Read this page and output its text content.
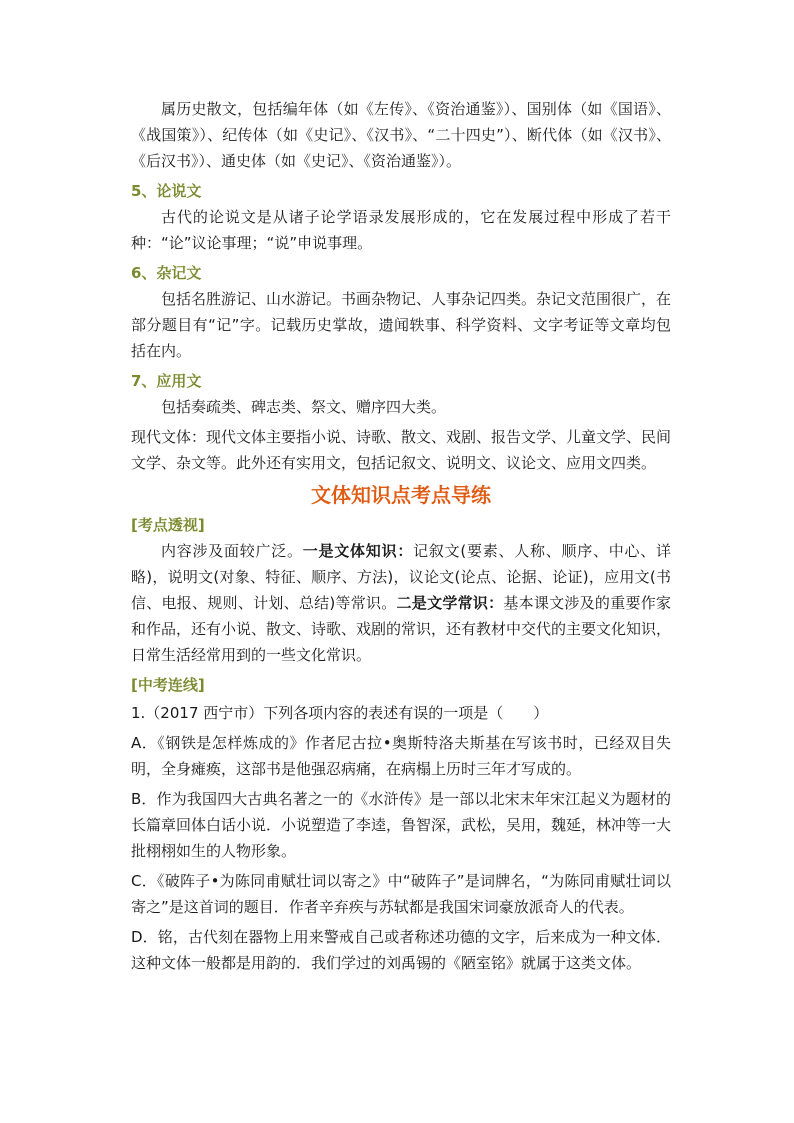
属历史散文，包括编年体（如《左传》、《资治通鉴》）、国别体（如《国语》、《战国策》）、纪传体（如《史记》、《汉书》、“二十四史”）、断代体（如《汉书》、《后汉书》）、通史体（如《史记》、《资治通鉴》）。

5、论说文

古代的论说文是从诸子论学语录发展形成的，它在发展过程中形成了若干种：“论”议论事理；“说”申说事理。

6、杂记文

包括名胜游记、山水游记。书画杂物记、人事杂记四类。杂记文范围很广，在部分题目有“记”字。记载历史掌故，遗闻轶事、科学资料、文字考证等文章均包括在内。

7、应用文

包括奏疏类、碑志类、祭文、赠序四大类。

现代文体：现代文体主要指小说、诗歌、散文、戏剧、报告文学、儿童文学、民间文学、杂文等。此外还有实用文，包括记叙文、说明文、议论文、应用文四类。

文体知识点考点导练
[考点透视]

内容涉及面较广泛。一是文体知识：记叙文(要素、人称、顺序、中心、详略)，说明文(对象、特征、顺序、方法)，议论文(论点、论据、论证)，应用文(书信、电报、规则、计划、总结)等常识。二是文学常识：基本课文涉及的重要作家和作品，还有小说、散文、诗歌、戏剧的常识，还有教材中交代的主要文化知识，日常生活经常用到的一些文化常识。

[中考连线]

1.（2017 西宁市）下列各项内容的表述有误的一项是（　　）

A．《钢铁是怎样炼成的》作者尼古拉•奥斯特洛夫斯基在写该书时，已经双目失明，全身瘫痪，这部书是他强忍病痛，在病榻上历时三年才写成的。

B．作为我国四大古典名著之一的《水浒传》是一部以北宋末年宋江起义为题材的长篇章回体白话小说．小说塑造了李逵，鲁智深，武松，吴用，魏延，林冲等一大批栩栩如生的人物形象。

C．《破阵子•为陈同甫赋壮词以寄之》中“破阵子”是词牌名，“为陈同甫赋壮词以寄之”是这首词的题目．作者辛弃疾与苏轼都是我国宋词豪放派奇人的代表。

D．铭，古代刻在器物上用来警戒自己或者称述功德的文字，后来成为一种文体．这种文体一般都是用韵的．我们学过的刘禹锡的《陋室铭》就属于这类文体。
